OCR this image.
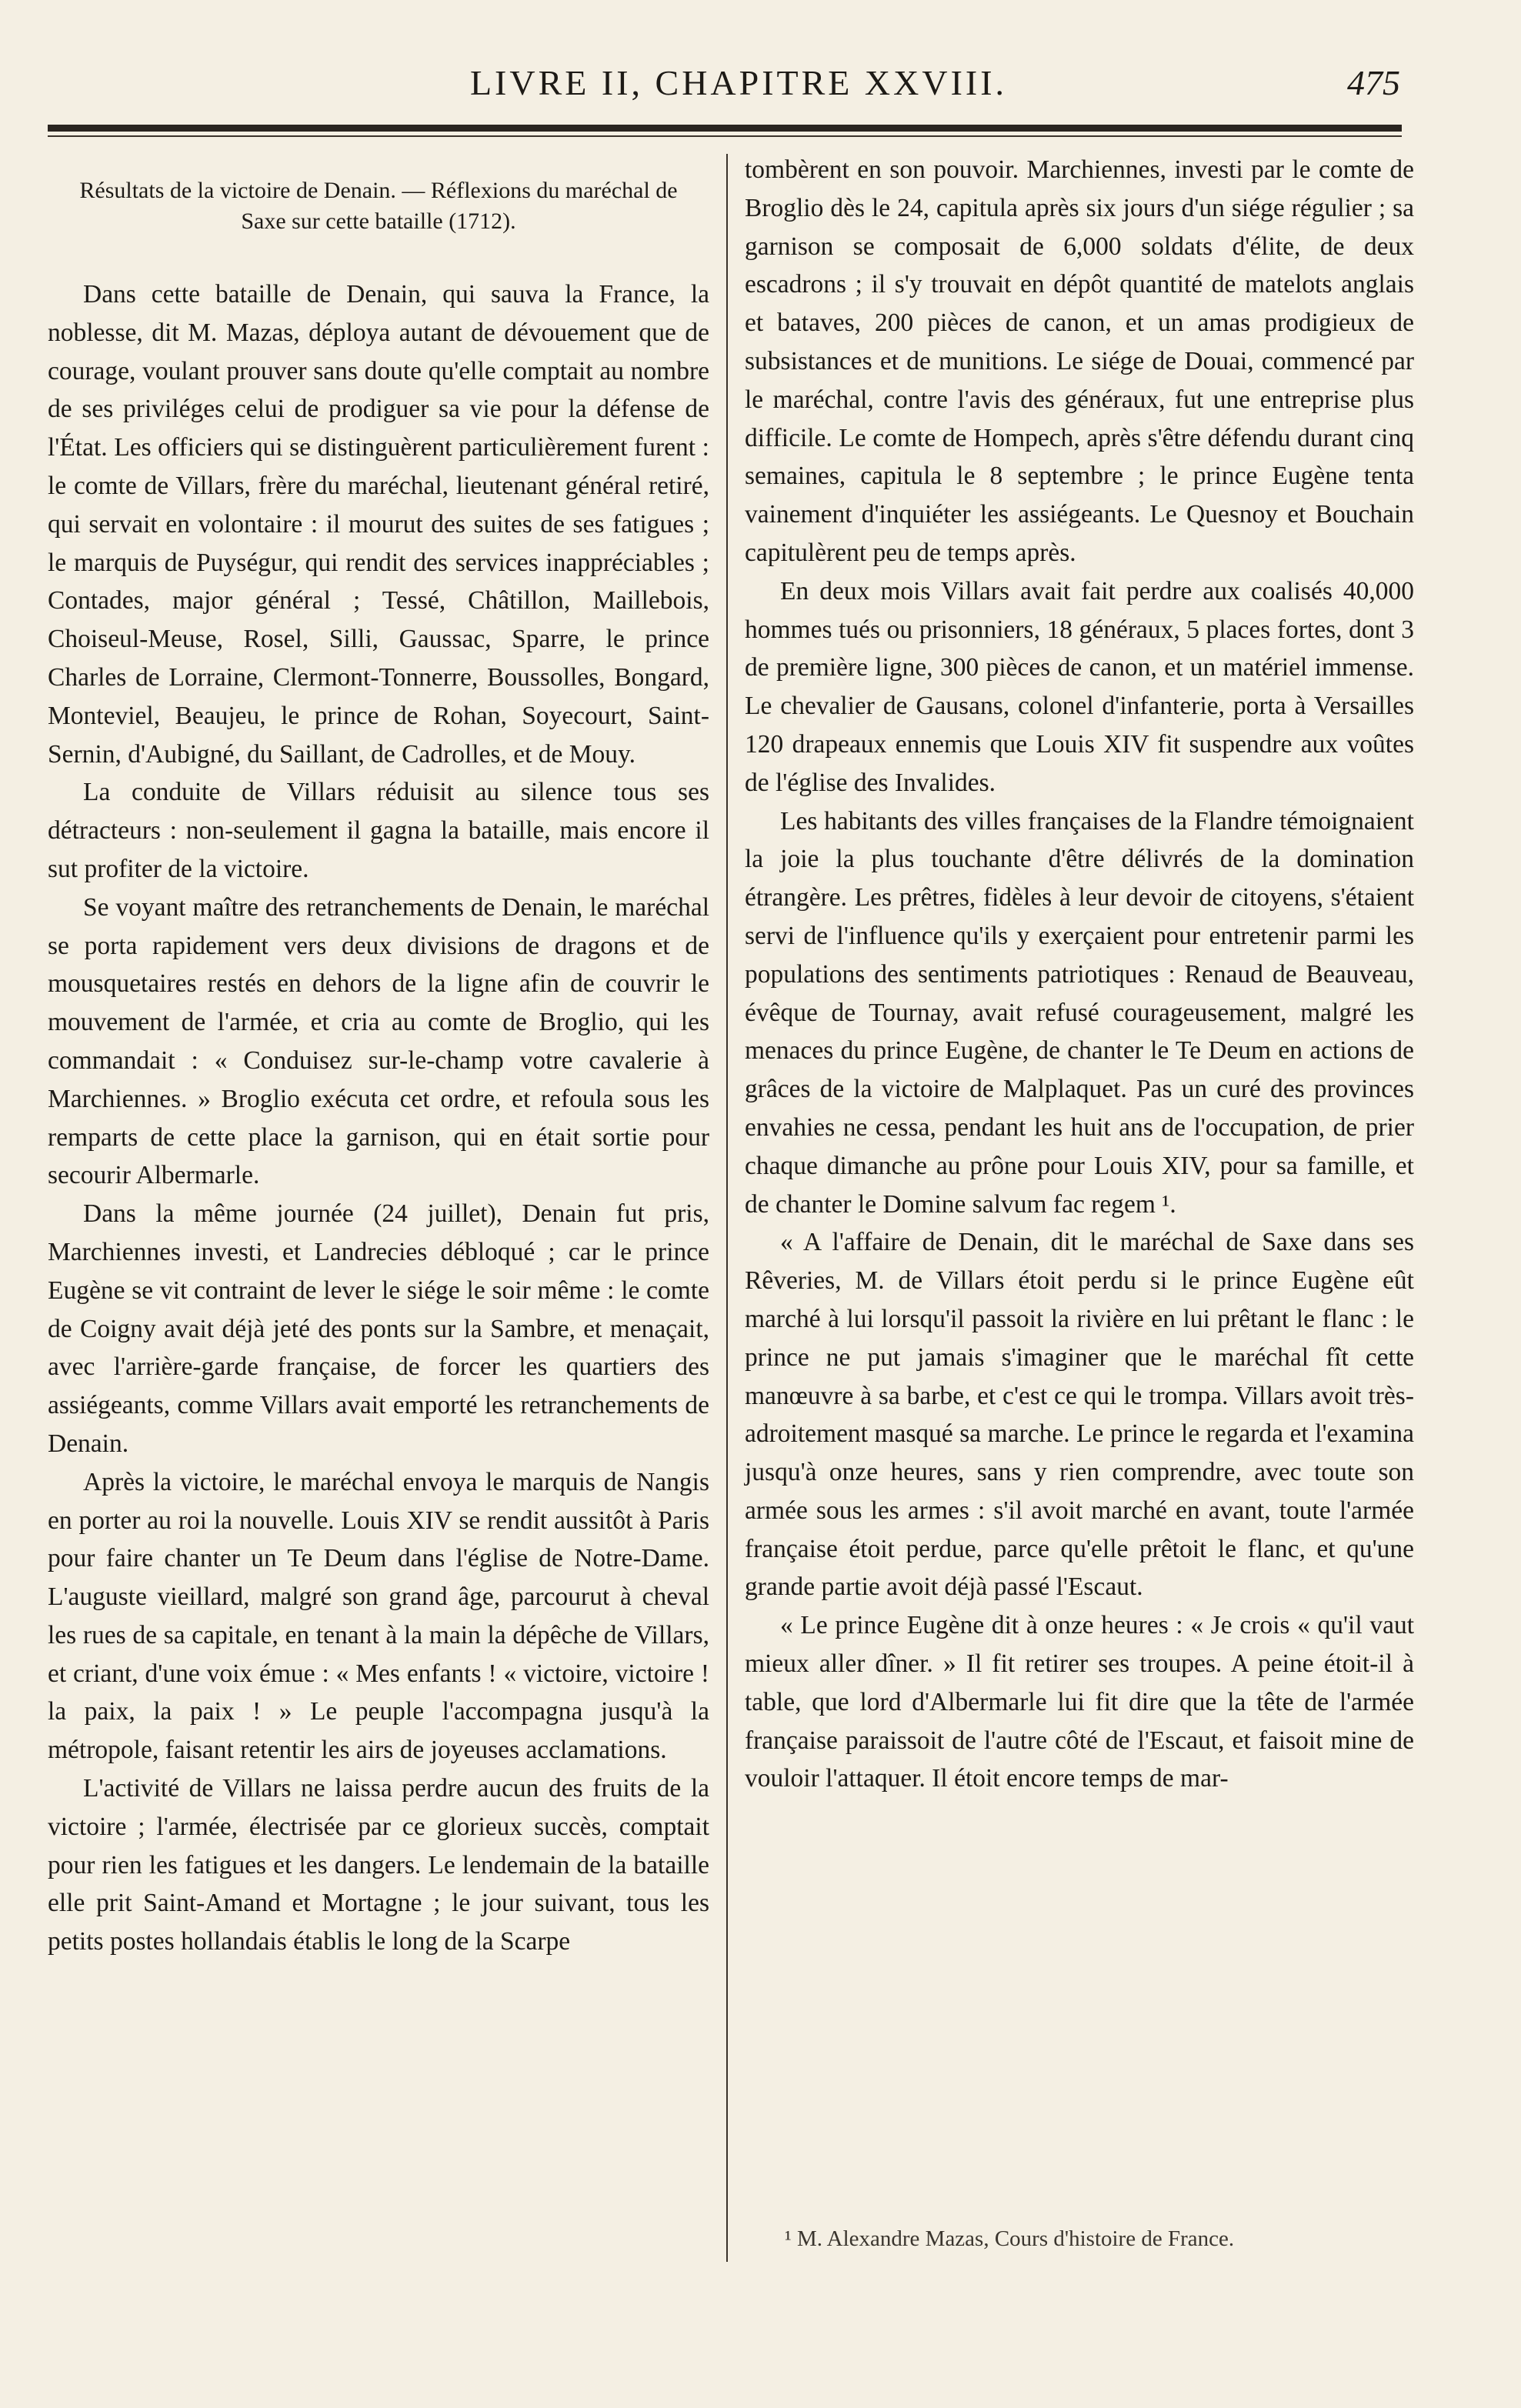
LIVRE II, CHAPITRE XXVIII.	475
Résultats de la victoire de Denain. — Réflexions du maréchal de Saxe sur cette bataille (1712).

Dans cette bataille de Denain, qui sauva la France, la noblesse, dit M. Mazas, déploya autant de dévouement que de courage, voulant prouver sans doute qu'elle comptait au nombre de ses priviléges celui de prodiguer sa vie pour la défense de l'État. Les officiers qui se distinguèrent particulièrement furent : le comte de Villars, frère du maréchal, lieutenant général retiré, qui servait en volontaire : il mourut des suites de ses fatigues ; le marquis de Puységur, qui rendit des services inappréciables ; Contades, major général ; Tessé, Châtillon, Maillebois, Choiseul-Meuse, Rosel, Silli, Gaussac, Sparre, le prince Charles de Lorraine, Clermont-Tonnerre, Boussolles, Bongard, Monteviel, Beaujeu, le prince de Rohan, Soyecourt, Saint-Sernin, d'Aubigné, du Saillant, de Cadrolles, et de Mouy.

La conduite de Villars réduisit au silence tous ses détracteurs : non-seulement il gagna la bataille, mais encore il sut profiter de la victoire.

Se voyant maître des retranchements de Denain, le maréchal se porta rapidement vers deux divisions de dragons et de mousquetaires restés en dehors de la ligne afin de couvrir le mouvement de l'armée, et cria au comte de Broglio, qui les commandait : « Conduisez sur-le-champ votre cavalerie à Marchiennes. » Broglio exécuta cet ordre, et refoula sous les remparts de cette place la garnison, qui en était sortie pour secourir Albermarle.

Dans la même journée (24 juillet), Denain fut pris, Marchiennes investi, et Landrecies débloqué ; car le prince Eugène se vit contraint de lever le siége le soir même : le comte de Coigny avait déjà jeté des ponts sur la Sambre, et menaçait, avec l'arrière-garde française, de forcer les quartiers des assiégeants, comme Villars avait emporté les retranchements de Denain.

Après la victoire, le maréchal envoya le marquis de Nangis en porter au roi la nouvelle. Louis XIV se rendit aussitôt à Paris pour faire chanter un Te Deum dans l'église de Notre-Dame. L'auguste vieillard, malgré son grand âge, parcourut à cheval les rues de sa capitale, en tenant à la main la dépêche de Villars, et criant, d'une voix émue : « Mes enfants ! « victoire, victoire ! la paix, la paix ! » Le peuple l'accompagna jusqu'à la métropole, faisant retentir les airs de joyeuses acclamations.

L'activité de Villars ne laissa perdre aucun des fruits de la victoire ; l'armée, électrisée par ce glorieux succès, comptait pour rien les fatigues et les dangers. Le lendemain de la bataille elle prit Saint-Amand et Mortagne ; le jour suivant, tous les petits postes hollandais établis le long de la Scarpe

tombèrent en son pouvoir. Marchiennes, investi par le comte de Broglio dès le 24, capitula après six jours d'un siége régulier ; sa garnison se composait de 6,000 soldats d'élite, de deux escadrons ; il s'y trouvait en dépôt quantité de matelots anglais et bataves, 200 pièces de canon, et un amas prodigieux de subsistances et de munitions. Le siége de Douai, commencé par le maréchal, contre l'avis des généraux, fut une entreprise plus difficile. Le comte de Hompech, après s'être défendu durant cinq semaines, capitula le 8 septembre ; le prince Eugène tenta vainement d'inquiéter les assiégeants. Le Quesnoy et Bouchain capitulèrent peu de temps après.

En deux mois Villars avait fait perdre aux coalisés 40,000 hommes tués ou prisonniers, 18 généraux, 5 places fortes, dont 3 de première ligne, 300 pièces de canon, et un matériel immense. Le chevalier de Gausans, colonel d'infanterie, porta à Versailles 120 drapeaux ennemis que Louis XIV fit suspendre aux voûtes de l'église des Invalides.

Les habitants des villes françaises de la Flandre témoignaient la joie la plus touchante d'être délivrés de la domination étrangère. Les prêtres, fidèles à leur devoir de citoyens, s'étaient servi de l'influence qu'ils y exerçaient pour entretenir parmi les populations des sentiments patriotiques : Renaud de Beauveau, évêque de Tournay, avait refusé courageusement, malgré les menaces du prince Eugène, de chanter le Te Deum en actions de grâces de la victoire de Malplaquet. Pas un curé des provinces envahies ne cessa, pendant les huit ans de l'occupation, de prier chaque dimanche au prône pour Louis XIV, pour sa famille, et de chanter le Domine salvum fac regem ¹.

« A l'affaire de Denain, dit le maréchal de Saxe dans ses Rêveries, M. de Villars étoit perdu si le prince Eugène eût marché à lui lorsqu'il passoit la rivière en lui prêtant le flanc : le prince ne put jamais s'imaginer que le maréchal fît cette manœuvre à sa barbe, et c'est ce qui le trompa. Villars avoit très-adroitement masqué sa marche. Le prince le regarda et l'examina jusqu'à onze heures, sans y rien comprendre, avec toute son armée sous les armes : s'il avoit marché en avant, toute l'armée française étoit perdue, parce qu'elle prêtoit le flanc, et qu'une grande partie avoit déjà passé l'Escaut.

« Le prince Eugène dit à onze heures : « Je crois « qu'il vaut mieux aller dîner. » Il fit retirer ses troupes. A peine étoit-il à table, que lord d'Albermarle lui fit dire que la tête de l'armée française paraissoit de l'autre côté de l'Escaut, et faisoit mine de vouloir l'attaquer. Il étoit encore temps de mar-

¹ M. Alexandre Mazas, Cours d'histoire de France.
